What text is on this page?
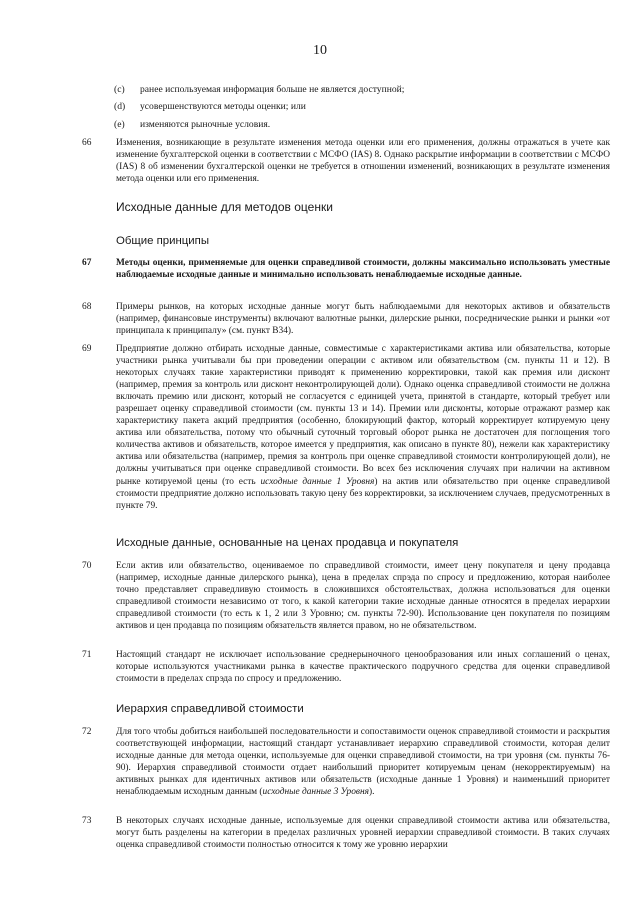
10
(c) ранее используемая информация больше не является доступной;
(d) усовершенствуются методы оценки; или
(e) изменяются рыночные условия.
66	Изменения, возникающие в результате изменения метода оценки или его применения, должны отражаться в учете как изменение бухгалтерской оценки в соответствии с МСФО (IAS) 8. Однако раскрытие информации в соответствии с МСФО (IAS) 8 об изменении бухгалтерской оценки не требуется в отношении изменений, возникающих в результате изменения метода оценки или его применения.
Исходные данные для методов оценки
Общие принципы
67	Методы оценки, применяемые для оценки справедливой стоимости, должны максимально использовать уместные наблюдаемые исходные данные и минимально использовать ненаблюдаемые исходные данные.
68	Примеры рынков, на которых исходные данные могут быть наблюдаемыми для некоторых активов и обязательств (например, финансовые инструменты) включают валютные рынки, дилерские рынки, посреднические рынки и рынки «от принципала к принципалу» (см. пункт В34).
69	Предприятие должно отбирать исходные данные, совместимые с характеристиками актива или обязательства, которые участники рынка учитывали бы при проведении операции с активом или обязательством (см. пункты 11 и 12). В некоторых случаях такие характеристики приводят к применению корректировки, такой как премия или дисконт (например, премия за контроль или дисконт неконтролирующей доли). Однако оценка справедливой стоимости не должна включать премию или дисконт, который не согласуется с единицей учета, принятой в стандарте, который требует или разрешает оценку справедливой стоимости (см. пункты 13 и 14). Премии или дисконты, которые отражают размер как характеристику пакета акций предприятия (особенно, блокирующий фактор, который корректирует котируемую цену актива или обязательства, потому что обычный суточный торговый оборот рынка не достаточен для поглощения того количества активов и обязательств, которое имеется у предприятия, как описано в пункте 80), нежели как характеристику актива или обязательства (например, премия за контроль при оценке справедливой стоимости контролирующей доли), не должны учитываться при оценке справедливой стоимости. Во всех без исключения случаях при наличии на активном рынке котируемой цены (то есть исходные данные 1 Уровня) на актив или обязательство при оценке справедливой стоимости предприятие должно использовать такую цену без корректировки, за исключением случаев, предусмотренных в пункте 79.
Исходные данные, основанные на ценах продавца и покупателя
70	Если актив или обязательство, оцениваемое по справедливой стоимости, имеет цену покупателя и цену продавца (например, исходные данные дилерского рынка), цена в пределах спрэда по спросу и предложению, которая наиболее точно представляет справедливую стоимость в сложившихся обстоятельствах, должна использоваться для оценки справедливой стоимости независимо от того, к какой категории такие исходные данные относятся в пределах иерархии справедливой стоимости (то есть к 1, 2 или 3 Уровню; см. пункты 72-90). Использование цен покупателя по позициям активов и цен продавца по позициям обязательств является правом, но не обязательством.
71	Настоящий стандарт не исключает использование среднерыночного ценообразования или иных соглашений о ценах, которые используются участниками рынка в качестве практического подручного средства для оценки справедливой стоимости в пределах спрэда по спросу и предложению.
Иерархия справедливой стоимости
72	Для того чтобы добиться наибольшей последовательности и сопоставимости оценок справедливой стоимости и раскрытия соответствующей информации, настоящий стандарт устанавливает иерархию справедливой стоимости, которая делит исходные данные для метода оценки, используемые для оценки справедливой стоимости, на три уровня (см. пункты 76-90). Иерархия справедливой стоимости отдает наибольший приоритет котируемым ценам (некорректируемым) на активных рынках для идентичных активов или обязательств (исходные данные 1 Уровня) и наименьший приоритет ненаблюдаемым исходным данным (исходные данные 3 Уровня).
73	В некоторых случаях исходные данные, используемые для оценки справедливой стоимости актива или обязательства, могут быть разделены на категории в пределах различных уровней иерархии справедливой стоимости. В таких случаях оценка справедливой стоимости полностью относится к тому же уровню иерархии
